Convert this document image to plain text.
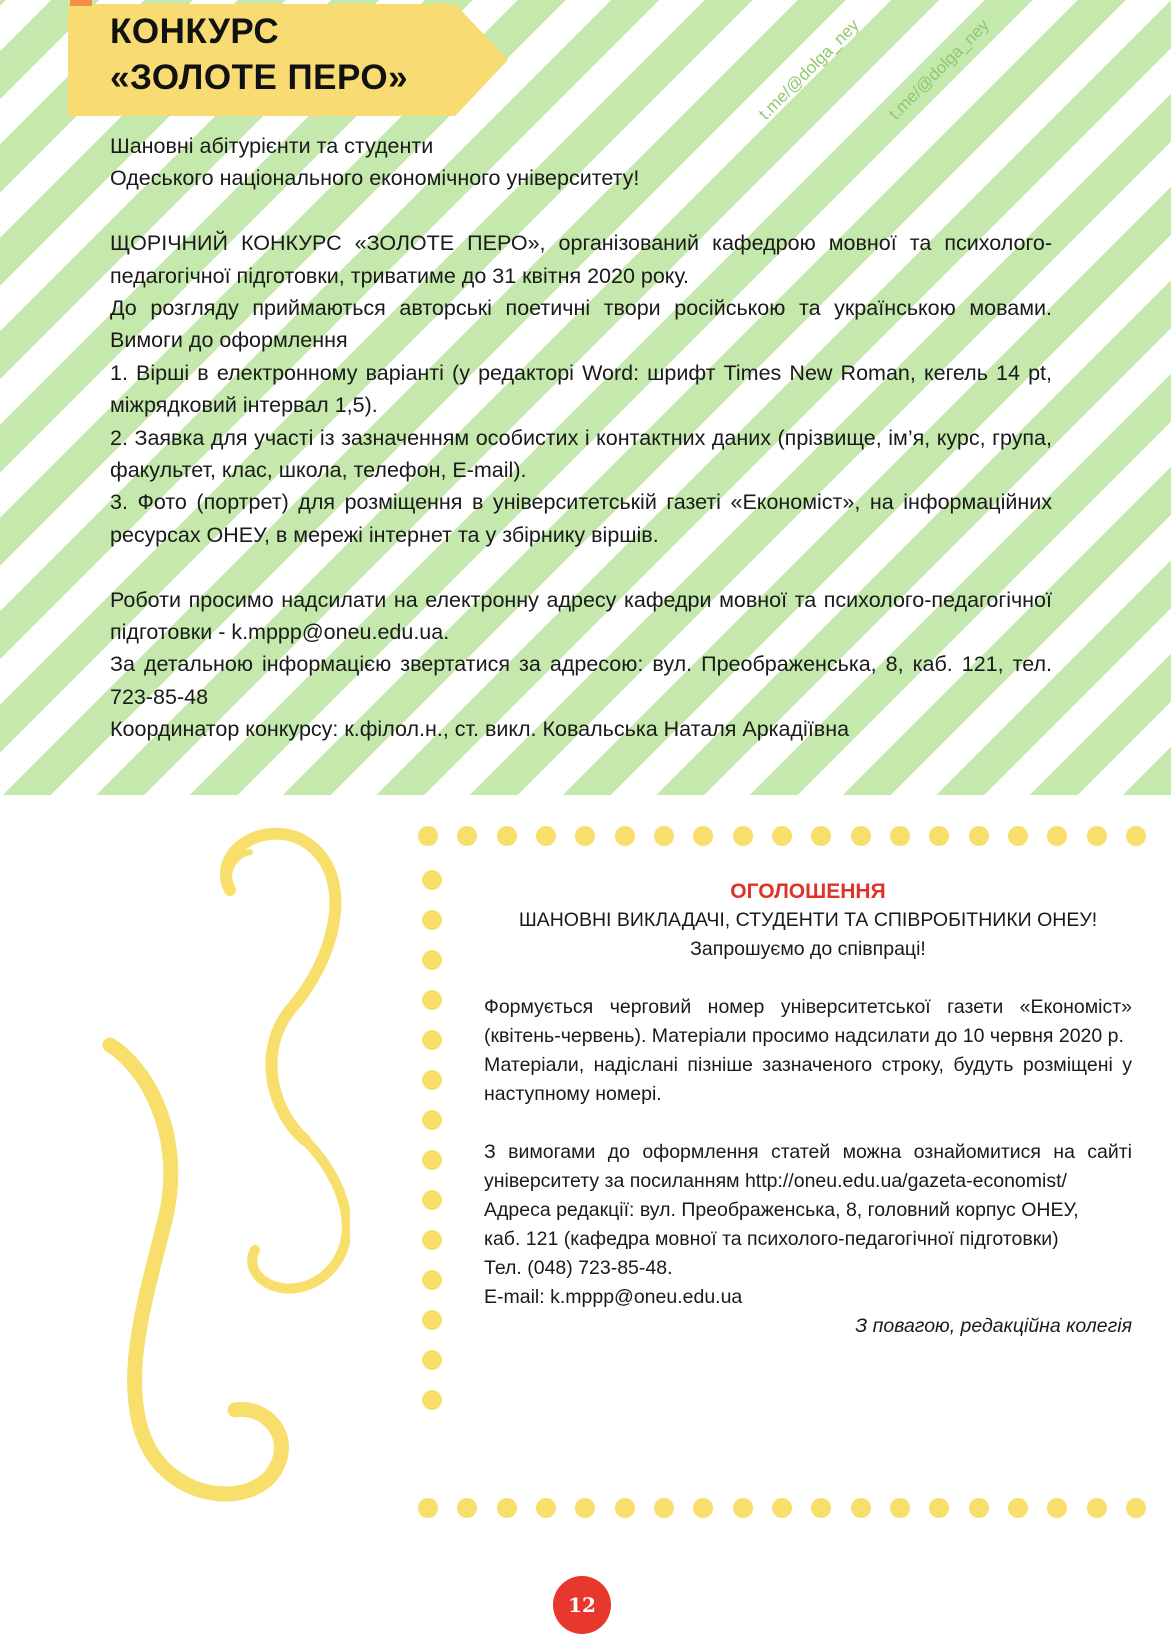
t.me/@dolga_ney t.me/@dolga_ney
КОНКУРС
«ЗОЛОТЕ ПЕРО»

Шановні абітурієнти та студенти

Одеського національного економічного університету!

ЩОРІЧНИЙ КОНКУРС «ЗОЛОТЕ ПЕРО», організований кафедрою мовної та психолого-педагогічної підготовки, триватиме до 31 квітня 2020 року.

До розгляду приймаються авторські поетичні твори російською та українською мовами. Вимоги до оформлення

1. Вірші в електронному варіанті (у редакторі Word: шрифт Times New Roman, кегель 14 pt, міжрядковий інтервал 1,5).

2. Заявка для участі із зазначенням особистих і контактних даних (прізвище, ім’я, курс, група, факультет, клас, школа, телефон, E-mail).

3. Фото (портрет) для розміщення в університетській газеті «Економіст», на інформаційних ресурсах ОНЕУ, в мережі інтернет та у збірнику віршів.

Роботи просимо надсилати на електронну адресу кафедри мовної та психолого-педагогічної підготовки - k.mppp@oneu.edu.ua.

За детальною інформацією звертатися за адресою: вул. Преображенська, 8, каб. 121, тел. 723-85-48

Координатор конкурсу: к.філол.н., ст. викл. Ковальська Наталя Аркадіївна

ОГОЛОШЕННЯ

ШАНОВНІ ВИКЛАДАЧІ, СТУДЕНТИ ТА СПІВРОБІТНИКИ ОНЕУ!

Запрошуємо до співпраці!

Формується черговий номер університетської газети «Економіст» (квітень-червень). Матеріали просимо надсилати до 10 червня 2020 р.

Матеріали, надіслані пізніше зазначеного строку, будуть розміщені у наступному номері.

З вимогами до оформлення статей можна ознайомитися на сайті університету за посиланням http://oneu.edu.ua/gazeta-economist/

Адреса редакції: вул. Преображенська, 8, головний корпус ОНЕУ,

каб. 121 (кафедра мовної та психолого-педагогічної підготовки)

Тел. (048) 723-85-48.

E-mail: k.mppp@oneu.edu.ua

З повагою, редакційна колегія

12
